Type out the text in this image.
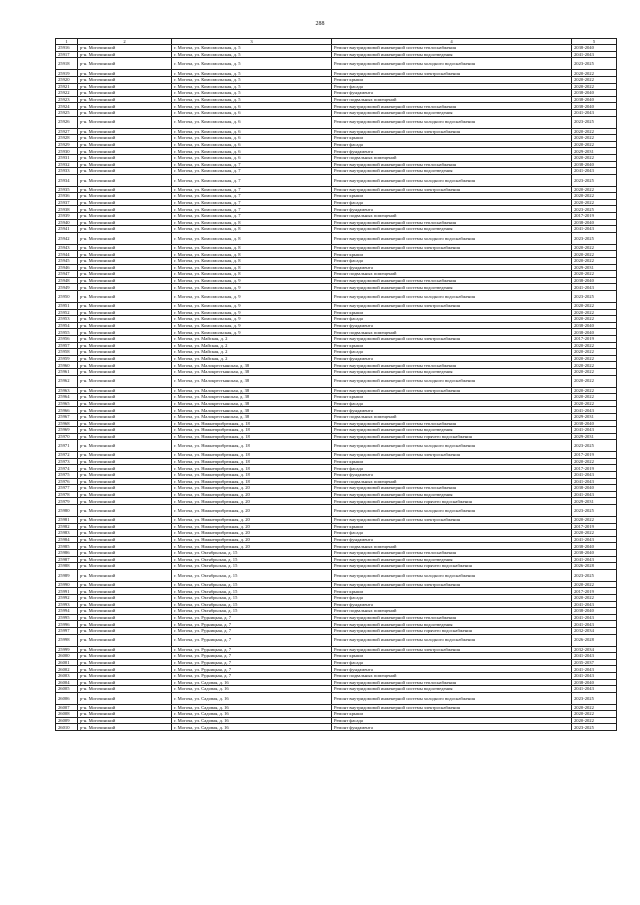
288
1	2	3	4	5
25916	р-н. Могочинский	г. Могоча, ул. Комсомольская, д. 5	Ремонт внутридомовой инженерной системы теплоснабжения	2038-2040
25917	р-н. Могочинский	г. Могоча, ул. Комсомольская, д. 5	Ремонт внутридомовой инженерной системы водоотведения	2041-2043
25918	р-н. Могочинский	г. Могоча, ул. Комсомольская, д. 5	Ремонт внутридомовой инженерной системы холодного водоснабжения	2023-2025
25919	р-н. Могочинский	г. Могоча, ул. Комсомольская, д. 5	Ремонт внутридомовой инженерной системы электроснабжения	2020-2022
25920	р-н. Могочинский	г. Могоча, ул. Комсомольская, д. 5	Ремонт крыши	2020-2022
25921	р-н. Могочинский	г. Могоча, ул. Комсомольская, д. 5	Ремонт фасада	2020-2022
25922	р-н. Могочинский	г. Могоча, ул. Комсомольская, д. 5	Ремонт фундамента	2038-2040
25923	р-н. Могочинский	г. Могоча, ул. Комсомольская, д. 5	Ремонт подвальных помещений	2038-2040
25924	р-н. Могочинский	г. Могоча, ул. Комсомольская, д. 6	Ремонт внутридомовой инженерной системы теплоснабжения	2038-2040
25925	р-н. Могочинский	г. Могоча, ул. Комсомольская, д. 6	Ремонт внутридомовой инженерной системы водоотведения	2041-2043
25926	р-н. Могочинский	г. Могоча, ул. Комсомольская, д. 6	Ремонт внутридомовой инженерной системы холодного водоснабжения	2023-2025
25927	р-н. Могочинский	г. Могоча, ул. Комсомольская, д. 6	Ремонт внутридомовой инженерной системы электроснабжения	2020-2022
25928	р-н. Могочинский	г. Могоча, ул. Комсомольская, д. 6	Ремонт крыши	2020-2022
25929	р-н. Могочинский	г. Могоча, ул. Комсомольская, д. 6	Ремонт фасада	2020-2022
25930	р-н. Могочинский	г. Могоча, ул. Комсомольская, д. 6	Ремонт фундамента	2029-2031
25931	р-н. Могочинский	г. Могоча, ул. Комсомольская, д. 6	Ремонт подвальных помещений	2020-2022
25932	р-н. Могочинский	г. Могоча, ул. Комсомольская, д. 7	Ремонт внутридомовой инженерной системы теплоснабжения	2038-2040
25933	р-н. Могочинский	г. Могоча, ул. Комсомольская, д. 7	Ремонт внутридомовой инженерной системы водоотведения	2041-2043
25934	р-н. Могочинский	г. Могоча, ул. Комсомольская, д. 7	Ремонт внутридомовой инженерной системы холодного водоснабжения	2023-2025
25935	р-н. Могочинский	г. Могоча, ул. Комсомольская, д. 7	Ремонт внутридомовой инженерной системы электроснабжения	2020-2022
25936	р-н. Могочинский	г. Могоча, ул. Комсомольская, д. 7	Ремонт крыши	2020-2022
25937	р-н. Могочинский	г. Могоча, ул. Комсомольская, д. 7	Ремонт фасада	2020-2022
25938	р-н. Могочинский	г. Могоча, ул. Комсомольская, д. 7	Ремонт фундамента	2023-2025
25939	р-н. Могочинский	г. Могоча, ул. Комсомольская, д. 7	Ремонт подвальных помещений	2017-2019
25940	р-н. Могочинский	г. Могоча, ул. Комсомольская, д. 8	Ремонт внутридомовой инженерной системы теплоснабжения	2038-2040
25941	р-н. Могочинский	г. Могоча, ул. Комсомольская, д. 8	Ремонт внутридомовой инженерной системы водоотведения	2041-2043
25942	р-н. Могочинский	г. Могоча, ул. Комсомольская, д. 8	Ремонт внутридомовой инженерной системы холодного водоснабжения	2023-2025
25943	р-н. Могочинский	г. Могоча, ул. Комсомольская, д. 8	Ремонт внутридомовой инженерной системы электроснабжения	2020-2022
25944	р-н. Могочинский	г. Могоча, ул. Комсомольская, д. 8	Ремонт крыши	2020-2022
25945	р-н. Могочинский	г. Могоча, ул. Комсомольская, д. 8	Ремонт фасада	2020-2022
25946	р-н. Могочинский	г. Могоча, ул. Комсомольская, д. 8	Ремонт фундамента	2029-2031
25947	р-н. Могочинский	г. Могоча, ул. Комсомольская, д. 8	Ремонт подвальных помещений	2020-2022
25948	р-н. Могочинский	г. Могоча, ул. Комсомольская, д. 9	Ремонт внутридомовой инженерной системы теплоснабжения	2038-2040
25949	р-н. Могочинский	г. Могоча, ул. Комсомольская, д. 9	Ремонт внутридомовой инженерной системы водоотведения	2041-2043
25950	р-н. Могочинский	г. Могоча, ул. Комсомольская, д. 9	Ремонт внутридомовой инженерной системы холодного водоснабжения	2023-2025
25951	р-н. Могочинский	г. Могоча, ул. Комсомольская, д. 9	Ремонт внутридомовой инженерной системы электроснабжения	2020-2022
25952	р-н. Могочинский	г. Могоча, ул. Комсомольская, д. 9	Ремонт крыши	2020-2022
25953	р-н. Могочинский	г. Могоча, ул. Комсомольская, д. 9	Ремонт фасада	2020-2022
25954	р-н. Могочинский	г. Могоча, ул. Комсомольская, д. 9	Ремонт фундамента	2038-2040
25955	р-н. Могочинский	г. Могоча, ул. Комсомольская, д. 9	Ремонт подвальных помещений	2038-2040
25956	р-н. Могочинский	г. Могоча, ул. Майская, д. 2	Ремонт внутридомовой инженерной системы электроснабжения	2017-2019
25957	р-н. Могочинский	г. Могоча, ул. Майская, д. 2	Ремонт крыши	2020-2022
25958	р-н. Могочинский	г. Могоча, ул. Майская, д. 2	Ремонт фасада	2020-2022
25959	р-н. Могочинский	г. Могоча, ул. Майская, д. 2	Ремонт фундамента	2020-2022
25960	р-н. Могочинский	г. Могоча, ул. Малокрестьянская, д. 38	Ремонт внутридомовой инженерной системы теплоснабжения	2020-2022
25961	р-н. Могочинский	г. Могоча, ул. Малокрестьянская, д. 38	Ремонт внутридомовой инженерной системы водоотведения	2020-2022
25962	р-н. Могочинский	г. Могоча, ул. Малокрестьянская, д. 38	Ремонт внутридомовой инженерной системы холодного водоснабжения	2020-2022
25963	р-н. Могочинский	г. Могоча, ул. Малокрестьянская, д. 38	Ремонт внутридомовой инженерной системы электроснабжения	2020-2022
25964	р-н. Могочинский	г. Могоча, ул. Малокрестьянская, д. 38	Ремонт крыши	2020-2022
25965	р-н. Могочинский	г. Могоча, ул. Малокрестьянская, д. 38	Ремонт фасада	2020-2022
25966	р-н. Могочинский	г. Могоча, ул. Малокрестьянская, д. 38	Ремонт фундамента	2041-2043
25967	р-н. Могочинский	г. Могоча, ул. Малокрестьянская, д. 38	Ремонт подвальных помещений	2029-2031
25968	р-н. Могочинский	г. Могоча, ул. Нижнеприбрежная, д. 18	Ремонт внутридомовой инженерной системы теплоснабжения	2038-2040
25969	р-н. Могочинский	г. Могоча, ул. Нижнеприбрежная, д. 18	Ремонт внутридомовой инженерной системы водоотведения	2041-2043
25970	р-н. Могочинский	г. Могоча, ул. Нижнеприбрежная, д. 18	Ремонт внутридомовой инженерной системы горячего водоснабжения	2029-2031
25971	р-н. Могочинский	г. Могоча, ул. Нижнеприбрежная, д. 18	Ремонт внутридомовой инженерной системы холодного водоснабжения	2023-2025
25972	р-н. Могочинский	г. Могоча, ул. Нижнеприбрежная, д. 18	Ремонт внутридомовой инженерной системы электроснабжения	2017-2019
25973	р-н. Могочинский	г. Могоча, ул. Нижнеприбрежная, д. 18	Ремонт крыши	2020-2022
25974	р-н. Могочинский	г. Могоча, ул. Нижнеприбрежная, д. 18	Ремонт фасада	2017-2019
25975	р-н. Могочинский	г. Могоча, ул. Нижнеприбрежная, д. 18	Ремонт фундамента	2041-2043
25976	р-н. Могочинский	г. Могоча, ул. Нижнеприбрежная, д. 18	Ремонт подвальных помещений	2041-2043
25977	р-н. Могочинский	г. Могоча, ул. Нижнеприбрежная, д. 20	Ремонт внутридомовой инженерной системы теплоснабжения	2038-2040
25978	р-н. Могочинский	г. Могоча, ул. Нижнеприбрежная, д. 20	Ремонт внутридомовой инженерной системы водоотведения	2041-2043
25979	р-н. Могочинский	г. Могоча, ул. Нижнеприбрежная, д. 20	Ремонт внутридомовой инженерной системы горячего водоснабжения	2029-2031
25980	р-н. Могочинский	г. Могоча, ул. Нижнеприбрежная, д. 20	Ремонт внутридомовой инженерной системы холодного водоснабжения	2023-2025
25981	р-н. Могочинский	г. Могоча, ул. Нижнеприбрежная, д. 20	Ремонт внутридомовой инженерной системы электроснабжения	2020-2022
25982	р-н. Могочинский	г. Могоча, ул. Нижнеприбрежная, д. 20	Ремонт крыши	2017-2019
25983	р-н. Могочинский	г. Могоча, ул. Нижнеприбрежная, д. 20	Ремонт фасада	2020-2022
25984	р-н. Могочинский	г. Могоча, ул. Нижнеприбрежная, д. 20	Ремонт фундамента	2041-2043
25985	р-н. Могочинский	г. Могоча, ул. Нижнеприбрежная, д. 20	Ремонт подвальных помещений	2038-2040
25986	р-н. Могочинский	г. Могоча, ул. Октябрьская, д. 15	Ремонт внутридомовой инженерной системы теплоснабжения	2038-2040
25987	р-н. Могочинский	г. Могоча, ул. Октябрьская, д. 15	Ремонт внутридомовой инженерной системы водоотведения	2041-2043
25988	р-н. Могочинский	г. Могоча, ул. Октябрьская, д. 15	Ремонт внутридомовой инженерной системы горячего водоснабжения	2026-2028
25989	р-н. Могочинский	г. Могоча, ул. Октябрьская, д. 15	Ремонт внутридомовой инженерной системы холодного водоснабжения	2023-2025
25990	р-н. Могочинский	г. Могоча, ул. Октябрьская, д. 15	Ремонт внутридомовой инженерной системы электроснабжения	2020-2022
25991	р-н. Могочинский	г. Могоча, ул. Октябрьская, д. 15	Ремонт крыши	2017-2019
25992	р-н. Могочинский	г. Могоча, ул. Октябрьская, д. 15	Ремонт фасада	2020-2022
25993	р-н. Могочинский	г. Могоча, ул. Октябрьская, д. 15	Ремонт фундамента	2041-2043
25994	р-н. Могочинский	г. Могоча, ул. Октябрьская, д. 15	Ремонт подвальных помещений	2038-2040
25995	р-н. Могочинский	г. Могоча, ул. Рудницкая, д. 7	Ремонт внутридомовой инженерной системы теплоснабжения	2041-2043
25996	р-н. Могочинский	г. Могоча, ул. Рудницкая, д. 7	Ремонт внутридомовой инженерной системы водоотведения	2041-2043
25997	р-н. Могочинский	г. Могоча, ул. Рудницкая, д. 7	Ремонт внутридомовой инженерной системы горячего водоснабжения	2032-2034
25998	р-н. Могочинский	г. Могоча, ул. Рудницкая, д. 7	Ремонт внутридомовой инженерной системы холодного водоснабжения	2026-2028
25999	р-н. Могочинский	г. Могоча, ул. Рудницкая, д. 7	Ремонт внутридомовой инженерной системы электроснабжения	2032-2034
26000	р-н. Могочинский	г. Могоча, ул. Рудницкая, д. 7	Ремонт крыши	2041-2043
26001	р-н. Могочинский	г. Могоча, ул. Рудницкая, д. 7	Ремонт фасада	2035-2037
26002	р-н. Могочинский	г. Могоча, ул. Рудницкая, д. 7	Ремонт фундамента	2041-2043
26003	р-н. Могочинский	г. Могоча, ул. Рудницкая, д. 7	Ремонт подвальных помещений	2041-2043
26004	р-н. Могочинский	г. Могоча, ул. Садовая, д. 16	Ремонт внутридомовой инженерной системы теплоснабжения	2038-2040
26005	р-н. Могочинский	г. Могоча, ул. Садовая, д. 16	Ремонт внутридомовой инженерной системы водоотведения	2041-2043
26006	р-н. Могочинский	г. Могоча, ул. Садовая, д. 16	Ремонт внутридомовой инженерной системы холодного водоснабжения	2023-2025
26007	р-н. Могочинский	г. Могоча, ул. Садовая, д. 16	Ремонт внутридомовой инженерной системы электроснабжения	2020-2022
26008	р-н. Могочинский	г. Могоча, ул. Садовая, д. 16	Ремонт крыши	2020-2022
26009	р-н. Могочинский	г. Могоча, ул. Садовая, д. 16	Ремонт фасада	2020-2022
26010	р-н. Могочинский	г. Могоча, ул. Садовая, д. 16	Ремонт фундамента	2023-2025
